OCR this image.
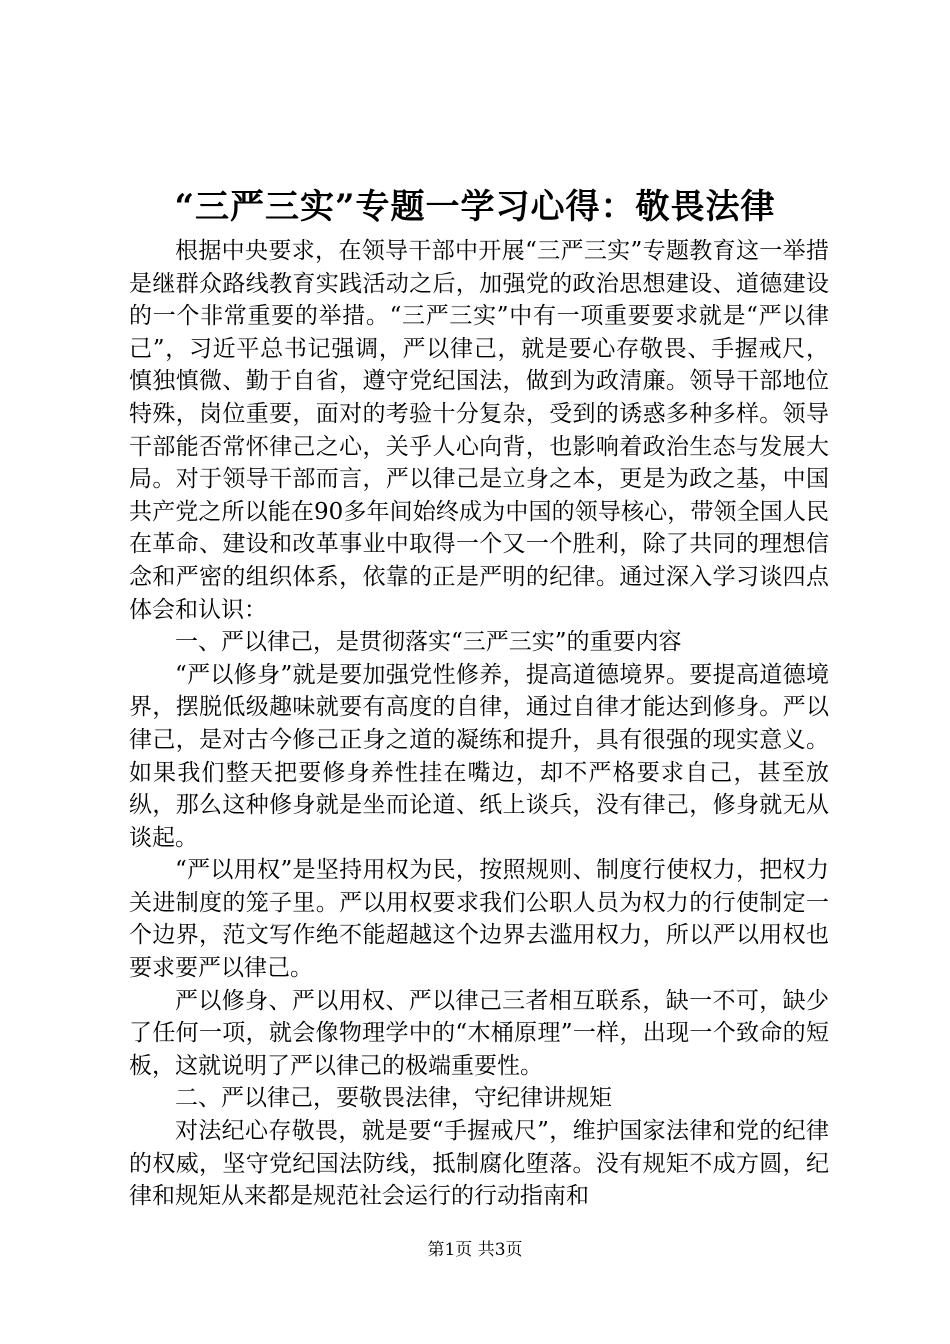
“三严三实”专题一学习心得：敬畏法律

根据中央要求，在领导干部中开展“三严三实”专题教育这一举措是继群众路线教育实践活动之后，加强党的政治思想建设、道德建设的一个非常重要的举措。“三严三实”中有一项重要要求就是“严以律己”，习近平总书记强调，严以律己，就是要心存敬畏、手握戒尺，慎独慎微、勤于自省，遵守党纪国法，做到为政清廉。领导干部地位特殊，岗位重要，面对的考验十分复杂，受到的诱惑多种多样。领导干部能否常怀律己之心，关乎人心向背，也影响着政治生态与发展大局。对于领导干部而言，严以律己是立身之本，更是为政之基，中国共产党之所以能在90多年间始终成为中国的领导核心，带领全国人民在革命、建设和改革事业中取得一个又一个胜利，除了共同的理想信念和严密的组织体系，依靠的正是严明的纪律。通过深入学习谈四点体会和认识：

一、严以律己，是贯彻落实“三严三实”的重要内容

“严以修身”就是要加强党性修养，提高道德境界。要提高道德境界，摆脱低级趣味就要有高度的自律，通过自律才能达到修身。严以律己，是对古今修己正身之道的凝练和提升，具有很强的现实意义。如果我们整天把要修身养性挂在嘴边，却不严格要求自己，甚至放纵，那么这种修身就是坐而论道、纸上谈兵，没有律己，修身就无从谈起。

“严以用权”是坚持用权为民，按照规则、制度行使权力，把权力关进制度的笼子里。严以用权要求我们公职人员为权力的行使制定一个边界，范文写作绝不能超越这个边界去滥用权力，所以严以用权也要求要严以律己。

严以修身、严以用权、严以律己三者相互联系，缺一不可，缺少了任何一项，就会像物理学中的“木桶原理”一样，出现一个致命的短板，这就说明了严以律己的极端重要性。

二、严以律己，要敬畏法律，守纪律讲规矩

对法纪心存敬畏，就是要“手握戒尺”，维护国家法律和党的纪律的权威，坚守党纪国法防线，抵制腐化堕落。没有规矩不成方圆，纪律和规矩从来都是规范社会运行的行动指南和

第1页 共3页
